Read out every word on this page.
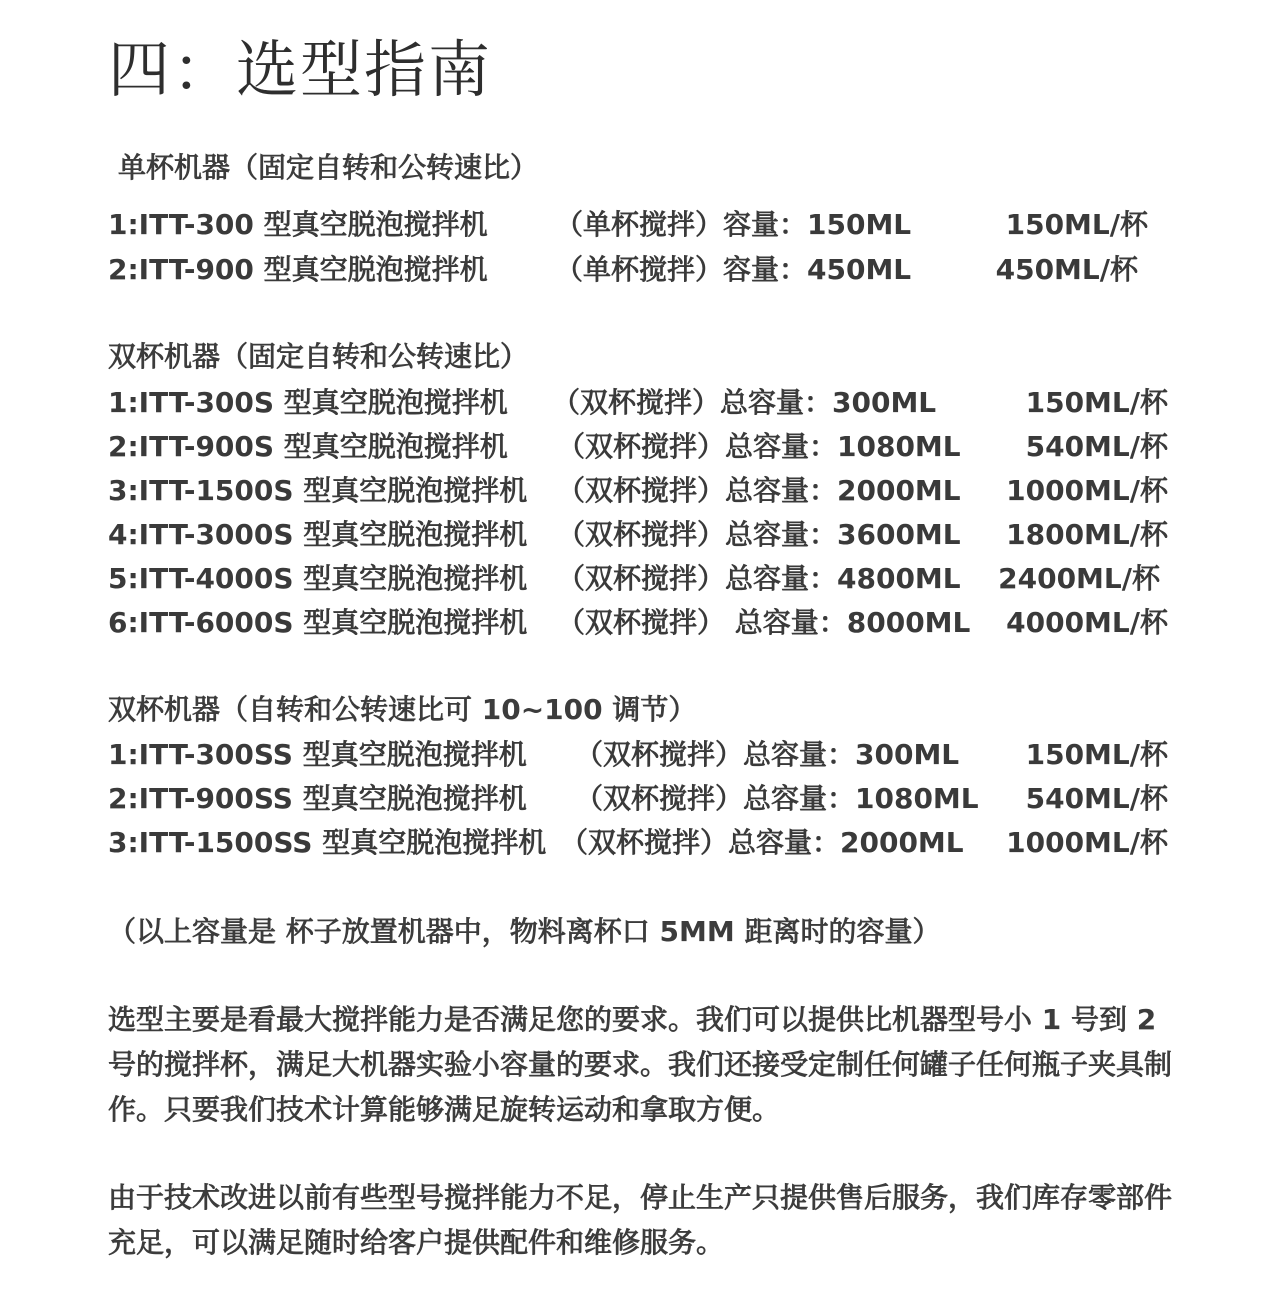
四：选型指南
单杯机器（固定自转和公转速比）
1:ITT-300 型真空脱泡搅拌机 （单杯搅拌）容量：150ML	150ML/杯
2:ITT-900 型真空脱泡搅拌机 （单杯搅拌）容量：450ML	450ML/杯
双杯机器（固定自转和公转速比）
1:ITT-300S 型真空脱泡搅拌机 （双杯搅拌）总容量：300ML	150ML/杯
2:ITT-900S 型真空脱泡搅拌机 （双杯搅拌）总容量：1080ML 540ML/杯
3:ITT-1500S 型真空脱泡搅拌机 （双杯搅拌）总容量：2000ML 1000ML/杯
4:ITT-3000S 型真空脱泡搅拌机 （双杯搅拌）总容量：3600ML 1800ML/杯
5:ITT-4000S 型真空脱泡搅拌机 （双杯搅拌）总容量：4800ML 2400ML/杯
6:ITT-6000S 型真空脱泡搅拌机 （双杯搅拌） 总容量：8000ML 4000ML/杯
双杯机器（自转和公转速比可 10~100 调节）
1:ITT-300SS 型真空脱泡搅拌机 （双杯搅拌）总容量：300ML 150ML/杯
2:ITT-900SS 型真空脱泡搅拌机 （双杯搅拌）总容量：1080ML 540ML/杯
3:ITT-1500SS 型真空脱泡搅拌机 （双杯搅拌）总容量：2000ML 1000ML/杯
（以上容量是 杯子放置机器中，物料离杯口 5MM 距离时的容量）
选型主要是看最大搅拌能力是否满足您的要求。我们可以提供比机器型号小 1 号到 2 号的搅拌杯，满足大机器实验小容量的要求。我们还接受定制任何罐子任何瓶子夹具制作。只要我们技术计算能够满足旋转运动和拿取方便。
由于技术改进以前有些型号搅拌能力不足，停止生产只提供售后服务，我们库存零部件充足，可以满足随时给客户提供配件和维修服务。
